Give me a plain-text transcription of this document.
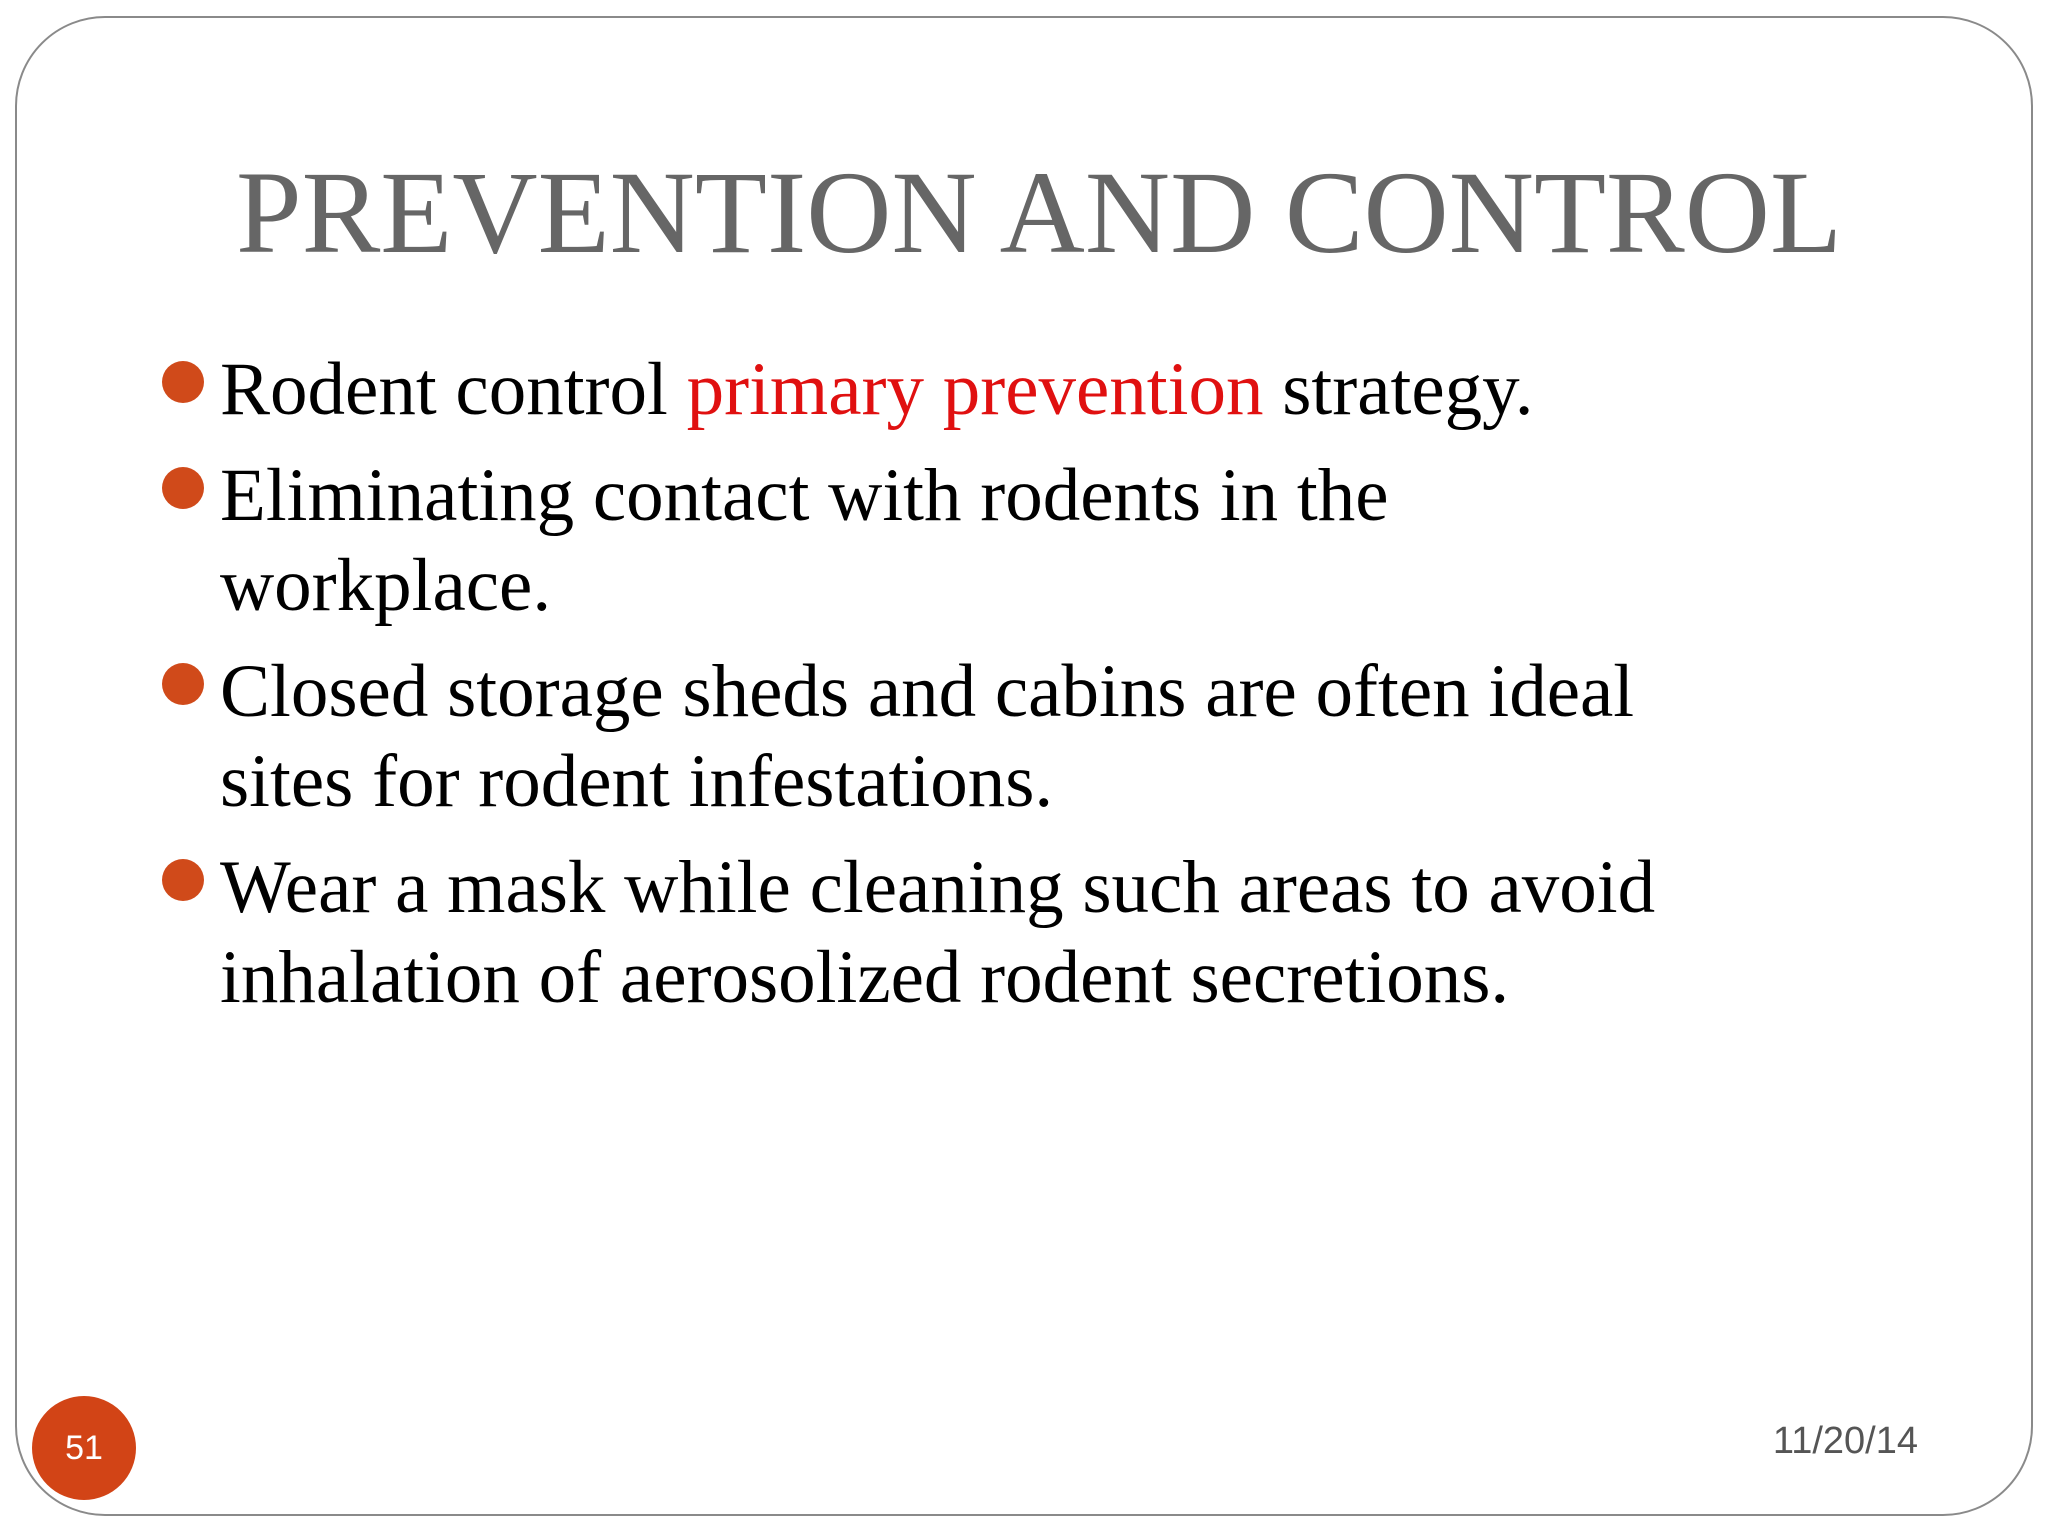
PREVENTION AND CONTROL
Rodent control primary prevention strategy.
Eliminating contact with rodents in the
workplace.
Closed storage sheds and cabins are often ideal
sites for rodent infestations.
Wear a mask while cleaning such areas to avoid
inhalation of aerosolized rodent secretions.
51	11/20/14
